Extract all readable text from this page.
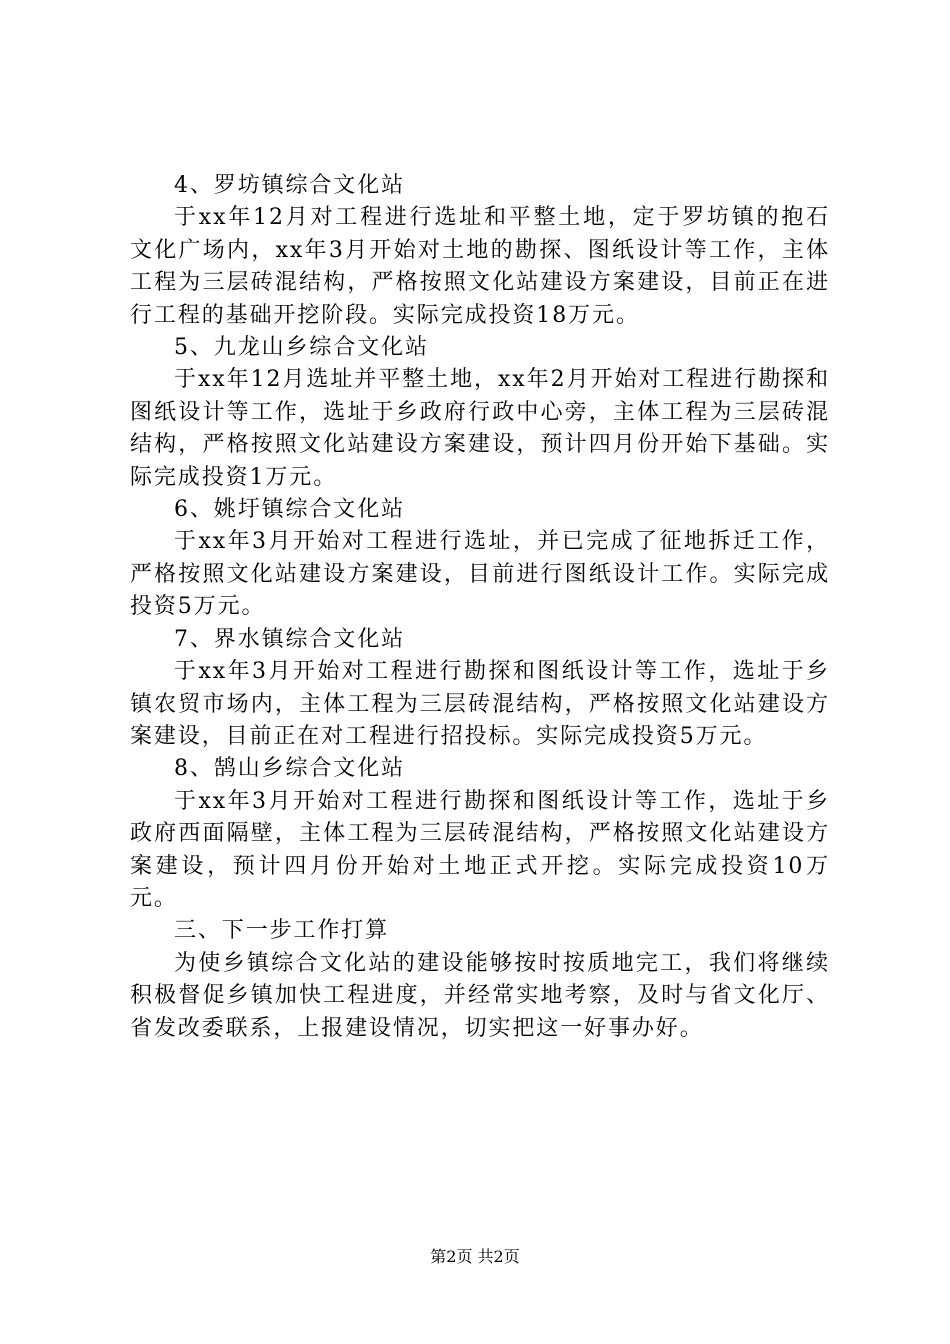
4、罗坊镇综合文化站

于xx年12月对工程进行选址和平整土地，定于罗坊镇的抱石文化广场内，xx年3月开始对土地的勘探、图纸设计等工作，主体工程为三层砖混结构，严格按照文化站建设方案建设，目前正在进行工程的基础开挖阶段。实际完成投资18万元。

5、九龙山乡综合文化站

于xx年12月选址并平整土地，xx年2月开始对工程进行勘探和图纸设计等工作，选址于乡政府行政中心旁，主体工程为三层砖混结构，严格按照文化站建设方案建设，预计四月份开始下基础。实际完成投资1万元。

6、姚圩镇综合文化站

于xx年3月开始对工程进行选址，并已完成了征地拆迁工作，严格按照文化站建设方案建设，目前进行图纸设计工作。实际完成投资5万元。

7、界水镇综合文化站

于xx年3月开始对工程进行勘探和图纸设计等工作，选址于乡镇农贸市场内，主体工程为三层砖混结构，严格按照文化站建设方案建设，目前正在对工程进行招投标。实际完成投资5万元。

8、鹄山乡综合文化站

于xx年3月开始对工程进行勘探和图纸设计等工作，选址于乡政府西面隔壁，主体工程为三层砖混结构，严格按照文化站建设方案建设，预计四月份开始对土地正式开挖。实际完成投资10万元。

三、下一步工作打算

为使乡镇综合文化站的建设能够按时按质地完工，我们将继续积极督促乡镇加快工程进度，并经常实地考察，及时与省文化厅、省发改委联系，上报建设情况，切实把这一好事办好。

第2页 共2页
